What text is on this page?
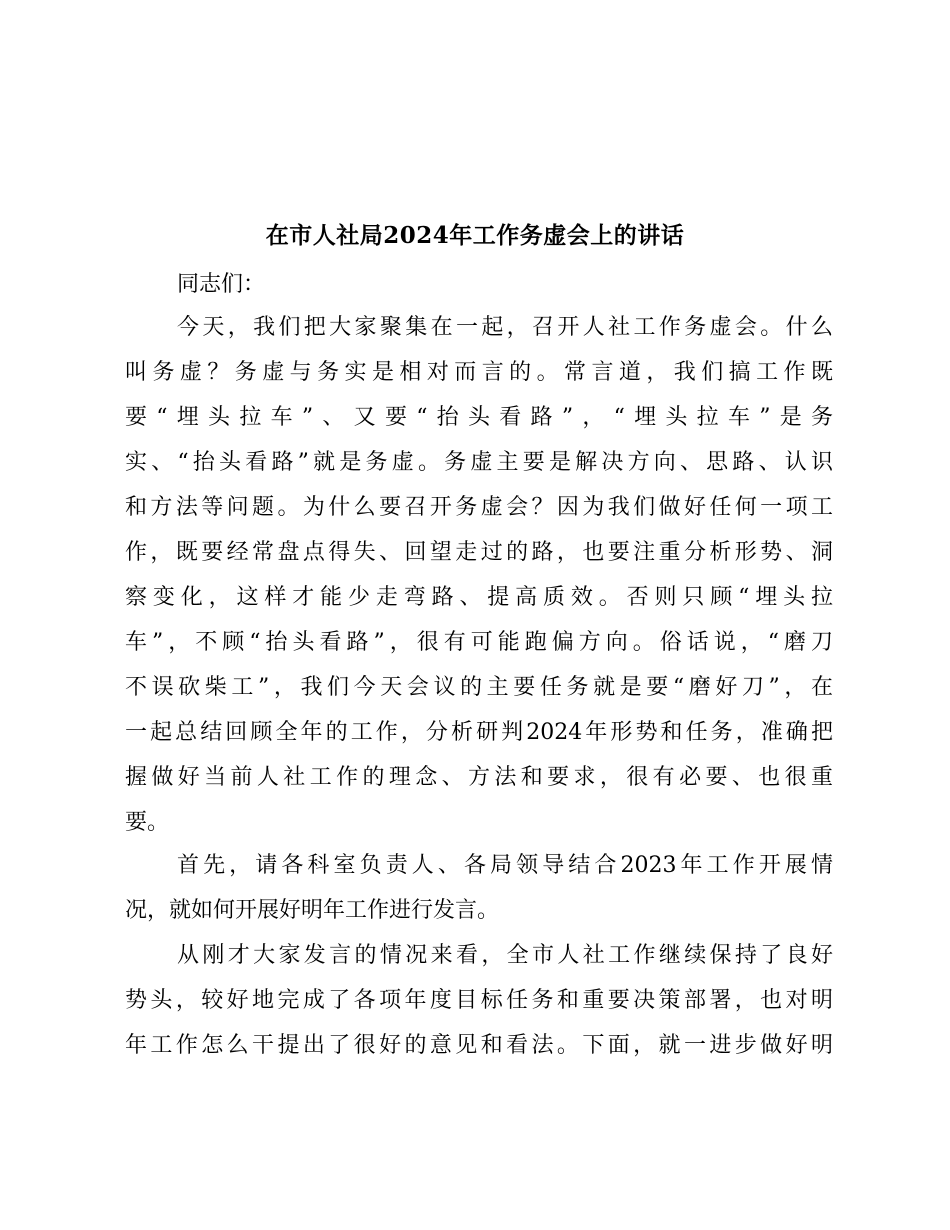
在市人社局2024年工作务虚会上的讲话
同志们：
今天，我们把大家聚集在一起，召开人社工作务虚会。什么
叫务虚？务虚与务实是相对而言的。常言道，我们搞工作既
要“埋头拉车”、又要“抬头看路”，“埋头拉车”是务
实、“抬头看路”就是务虚。务虚主要是解决方向、思路、认识
和方法等问题。为什么要召开务虚会？因为我们做好任何一项工
作，既要经常盘点得失、回望走过的路，也要注重分析形势、洞
察变化，这样才能少走弯路、提高质效。否则只顾“埋头拉
车”，不顾“抬头看路”，很有可能跑偏方向。俗话说，“磨刀
不误砍柴工”，我们今天会议的主要任务就是要“磨好刀”，在
一起总结回顾全年的工作，分析研判2024年形势和任务，准确把
握做好当前人社工作的理念、方法和要求，很有必要、也很重
要。
首先，请各科室负责人、各局领导结合2023年工作开展情
况，就如何开展好明年工作进行发言。
从刚才大家发言的情况来看，全市人社工作继续保持了良好
势头，较好地完成了各项年度目标任务和重要决策部署，也对明
年工作怎么干提出了很好的意见和看法。下面，就一进步做好明
